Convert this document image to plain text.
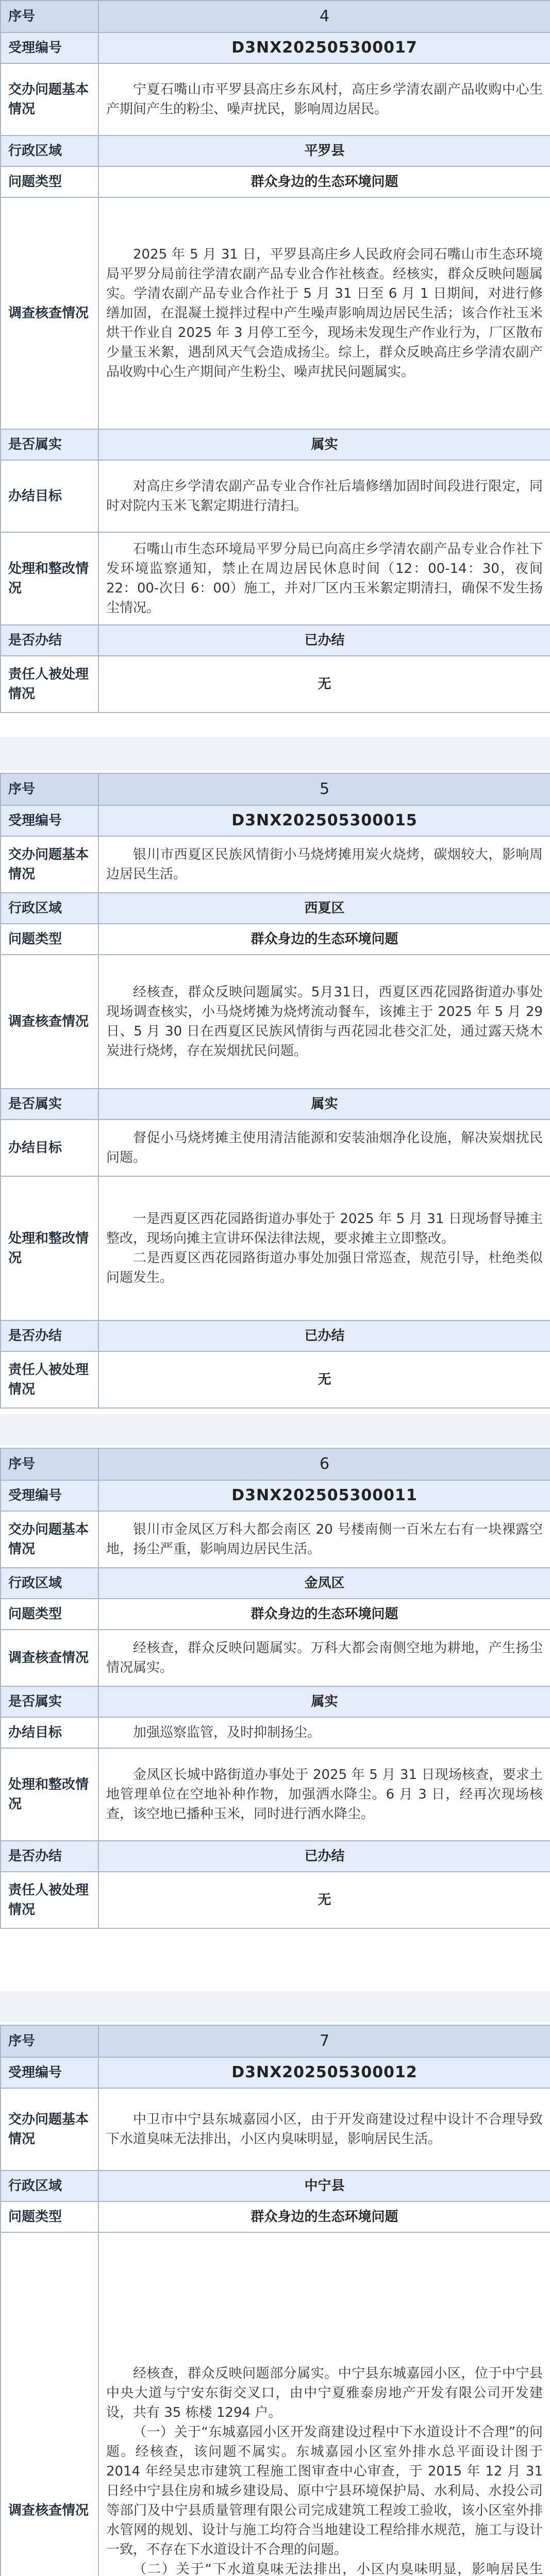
序号	4
受理编号	D3NX202505300017
交办问题基本情况	宁夏石嘴山市平罗县高庄乡东风村，高庄乡学清农副产品收购中心生产期间产生的粉尘、噪声扰民，影响周边居民。
行政区域	平罗县
问题类型	群众身边的生态环境问题
调查核查情况	2025 年 5 月 31 日，平罗县高庄乡人民政府会同石嘴山市生态环境局平罗分局前往学清农副产品专业合作社核查。经核实，群众反映问题属实。学清农副产品专业合作社于 5 月 31 日至 6 月 1 日期间，对进行修缮加固，在混凝土搅拌过程中产生噪声影响周边居民生活；该合作社玉米烘干作业自 2025 年 3 月停工至今，现场未发现生产作业行为，厂区散布少量玉米絮，遇刮风天气会造成扬尘。综上，群众反映高庄乡学清农副产品收购中心生产期间产生粉尘、噪声扰民问题属实。
是否属实	属实
办结目标	对高庄乡学清农副产品专业合作社后墙修缮加固时间段进行限定，同时对院内玉米飞絮定期进行清扫。
处理和整改情况	石嘴山市生态环境局平罗分局已向高庄乡学清农副产品专业合作社下发环境监察通知，禁止在周边居民休息时间（12：00-14：30，夜间 22：00-次日 6：00）施工，并对厂区内玉米絮定期清扫，确保不发生扬尘情况。
是否办结	已办结
责任人被处理情况	无
序号	5
受理编号	D3NX202505300015
交办问题基本情况	银川市西夏区民族风情街小马烧烤摊用炭火烧烤，碳烟较大，影响周边居民生活。
行政区域	西夏区
问题类型	群众身边的生态环境问题
调查核查情况	经核查，群众反映问题属实。5月31日，西夏区西花园路街道办事处现场调查核实，小马烧烤摊为烧烤流动餐车，该摊主于 2025 年 5 月 29 日、5 月 30 日在西夏区民族风情街与西花园北巷交汇处，通过露天烧木炭进行烧烤，存在炭烟扰民问题。
是否属实	属实
办结目标	督促小马烧烤摊主使用清洁能源和安装油烟净化设施，解决炭烟扰民问题。
处理和整改情况	一是西夏区西花园路街道办事处于 2025 年 5 月 31 日现场督导摊主整改，现场向摊主宣讲环保法律法规，要求摊主立即整改。

二是西夏区西花园路街道办事处加强日常巡查，规范引导，杜绝类似问题发生。

是否办结	已办结
责任人被处理情况	无
序号	6
受理编号	D3NX202505300011
交办问题基本情况	银川市金凤区万科大都会南区 20 号楼南侧一百米左右有一块裸露空地，扬尘严重，影响周边居民生活。
行政区域	金凤区
问题类型	群众身边的生态环境问题
调查核查情况	经核查，群众反映问题属实。万科大都会南侧空地为耕地，产生扬尘情况属实。
是否属实	属实
办结目标	加强巡察监管，及时抑制扬尘。
处理和整改情况	金凤区长城中路街道办事处于 2025 年 5 月 31 日现场核查，要求土地管理单位在空地补种作物，加强洒水降尘。6 月 3 日，经再次现场核查，该空地已播种玉米，同时进行洒水降尘。
是否办结	已办结
责任人被处理情况	无
序号	7
受理编号	D3NX202505300012
交办问题基本情况	中卫市中宁县东城嘉园小区，由于开发商建设过程中设计不合理导致下水道臭味无法排出，小区内臭味明显，影响居民生活。
行政区域	中宁县
问题类型	群众身边的生态环境问题
调查核查情况	经核查，群众反映问题部分属实。中宁县东城嘉园小区，位于中宁县中央大道与宁安东街交叉口，由中宁夏雅泰房地产开发有限公司开发建设，共有 35 栋楼 1294 户。

（一）关于“东城嘉园小区开发商建设过程中下水道设计不合理”的问题。经核查，该问题不属实。东城嘉园小区室外排水总平面设计图于 2014 年经吴忠市建筑工程施工图审查中心审查，于 2015 年 12 月 31 日经中宁县住房和城乡建设局、原中宁县环境保护局、水利局、水投公司等部门及中宁县质量管理有限公司完成建筑工程竣工验收，该小区室外排水管网的规划、设计与施工均符合当地建设工程给排水规范，施工与设计一致，不存在下水道设计不合理的问题。

（二）关于“下水道臭味无法排出，小区内臭味明显，影响居民生
